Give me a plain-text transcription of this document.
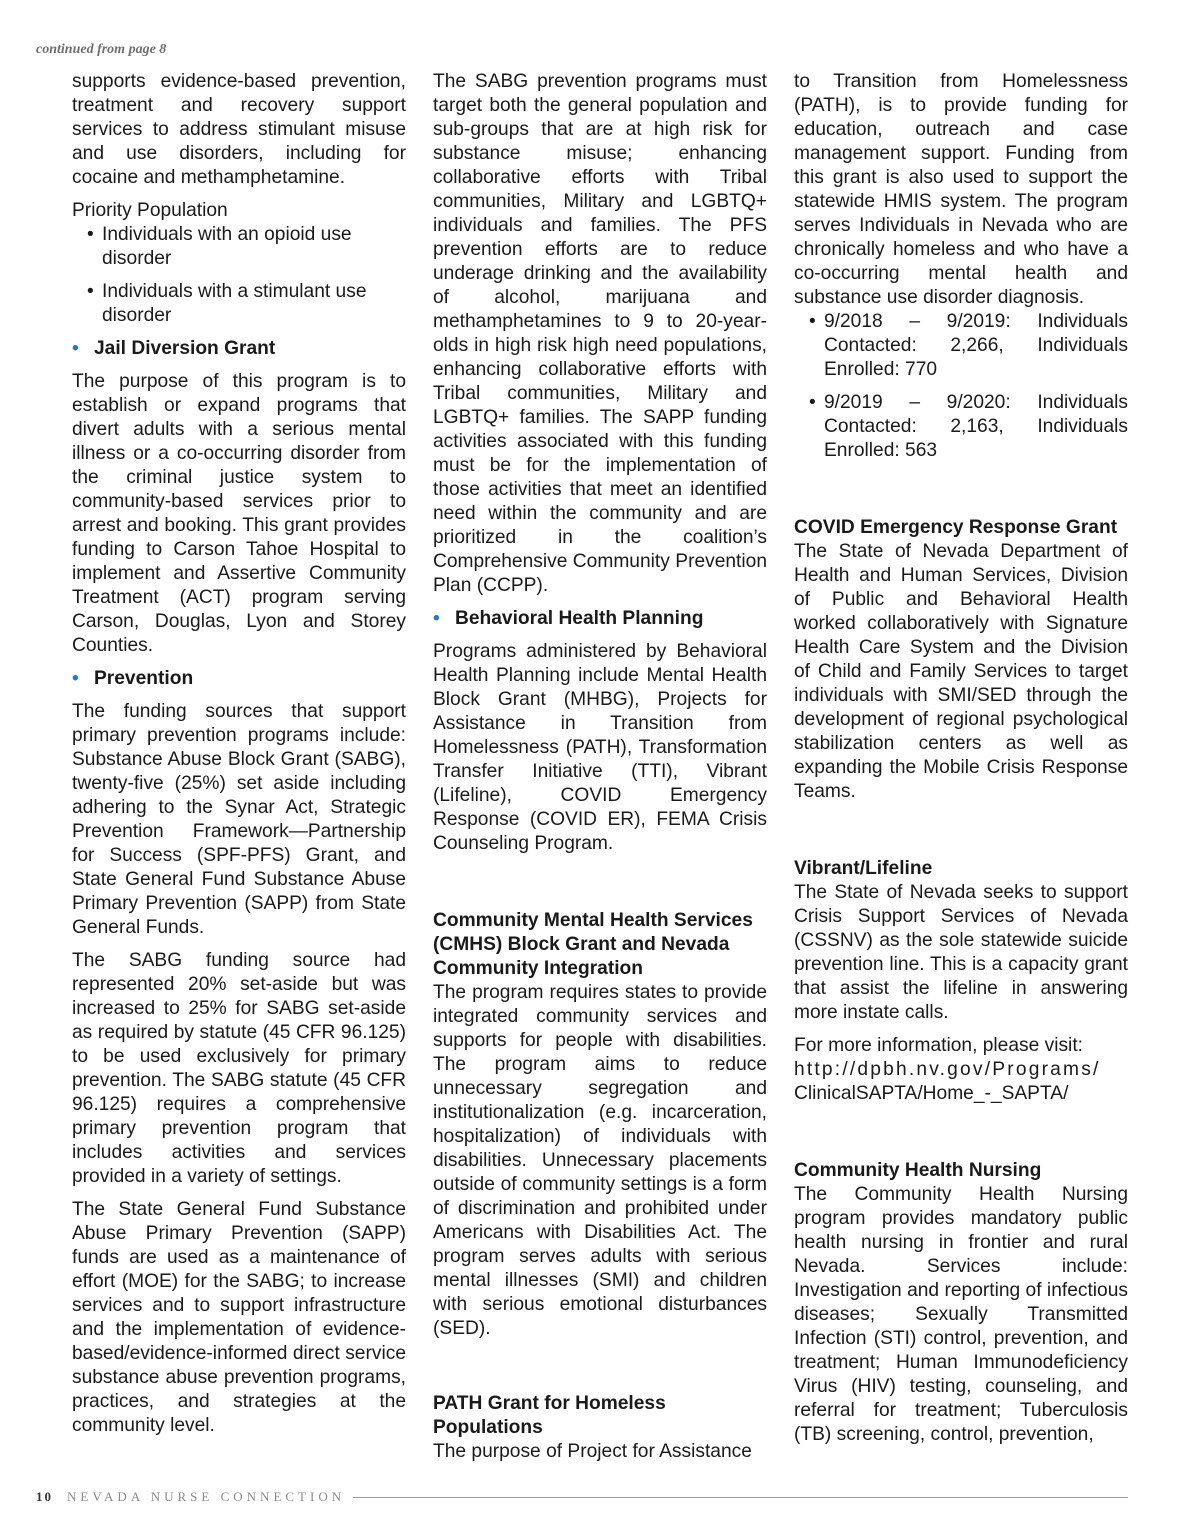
continued from page 8

supports evidence-based prevention, treatment and recovery support services to address stimulant misuse and use disorders, including for cocaine and methamphetamine.

Priority Population

• Individuals with an opioid use disorder
• Individuals with a stimulant use disorder
• Jail Diversion Grant

The purpose of this program is to establish or expand programs that divert adults with a serious mental illness or a co-occurring disorder from the criminal justice system to community-based services prior to arrest and booking. This grant provides funding to Carson Tahoe Hospital to implement and Assertive Community Treatment (ACT) program serving Carson, Douglas, Lyon and Storey Counties.

• Prevention

The funding sources that support primary prevention programs include: Substance Abuse Block Grant (SABG), twenty-five (25%) set aside including adhering to the Synar Act, Strategic Prevention Framework—Partnership for Success (SPF-PFS) Grant, and State General Fund Substance Abuse Primary Prevention (SAPP) from State General Funds.

The SABG funding source had represented 20% set-aside but was increased to 25% for SABG set-aside as required by statute (45 CFR 96.125) to be used exclusively for primary prevention. The SABG statute (45 CFR 96.125) requires a comprehensive primary prevention program that includes activities and services provided in a variety of settings.

The State General Fund Substance Abuse Primary Prevention (SAPP) funds are used as a maintenance of effort (MOE) for the SABG; to increase services and to support infrastructure and the implementation of evidence-based/evidence-informed direct service substance abuse prevention programs, practices, and strategies at the community level.

The SABG prevention programs must target both the general population and sub-groups that are at high risk for substance misuse; enhancing collaborative efforts with Tribal communities, Military and LGBTQ+ individuals and families. The PFS prevention efforts are to reduce underage drinking and the availability of alcohol, marijuana and methamphetamines to 9 to 20-year-olds in high risk high need populations, enhancing collaborative efforts with Tribal communities, Military and LGBTQ+ families. The SAPP funding activities associated with this funding must be for the implementation of those activities that meet an identified need within the community and are prioritized in the coalition’s Comprehensive Community Prevention Plan (CCPP).

• Behavioral Health Planning

Programs administered by Behavioral Health Planning include Mental Health Block Grant (MHBG), Projects for Assistance in Transition from Homelessness (PATH), Transformation Transfer Initiative (TTI), Vibrant (Lifeline), COVID Emergency Response (COVID ER), FEMA Crisis Counseling Program.

Community Mental Health Services (CMHS) Block Grant and Nevada Community Integration

The program requires states to provide integrated community services and supports for people with disabilities. The program aims to reduce unnecessary segregation and institutionalization (e.g. incarceration, hospitalization) of individuals with disabilities. Unnecessary placements outside of community settings is a form of discrimination and prohibited under Americans with Disabilities Act. The program serves adults with serious mental illnesses (SMI) and children with serious emotional disturbances (SED).

PATH Grant for Homeless Populations

The purpose of Project for Assistance

to Transition from Homelessness (PATH), is to provide funding for education, outreach and case management support. Funding from this grant is also used to support the statewide HMIS system. The program serves Individuals in Nevada who are chronically homeless and who have a co-occurring mental health and substance use disorder diagnosis.

• 9/2018 – 9/2019: Individuals Contacted: 2,266, Individuals Enrolled: 770
• 9/2019 – 9/2020: Individuals Contacted: 2,163, Individuals Enrolled: 563
COVID Emergency Response Grant

The State of Nevada Department of Health and Human Services, Division of Public and Behavioral Health worked collaboratively with Signature Health Care System and the Division of Child and Family Services to target individuals with SMI/SED through the development of regional psychological stabilization centers as well as expanding the Mobile Crisis Response Teams.

Vibrant/Lifeline

The State of Nevada seeks to support Crisis Support Services of Nevada (CSSNV) as the sole statewide suicide prevention line. This is a capacity grant that assist the lifeline in answering more instate calls.

For more information, please visit:
http://dpbh.nv.gov/Programs/
ClinicalSAPTA/Home_-_SAPTA/

Community Health Nursing

The Community Health Nursing program provides mandatory public health nursing in frontier and rural Nevada. Services include: Investigation and reporting of infectious diseases; Sexually Transmitted Infection (STI) control, prevention, and treatment; Human Immunodeficiency Virus (HIV) testing, counseling, and referral for treatment; Tuberculosis (TB) screening, control, prevention,

10 NEVADA NURSE CONNECTION
